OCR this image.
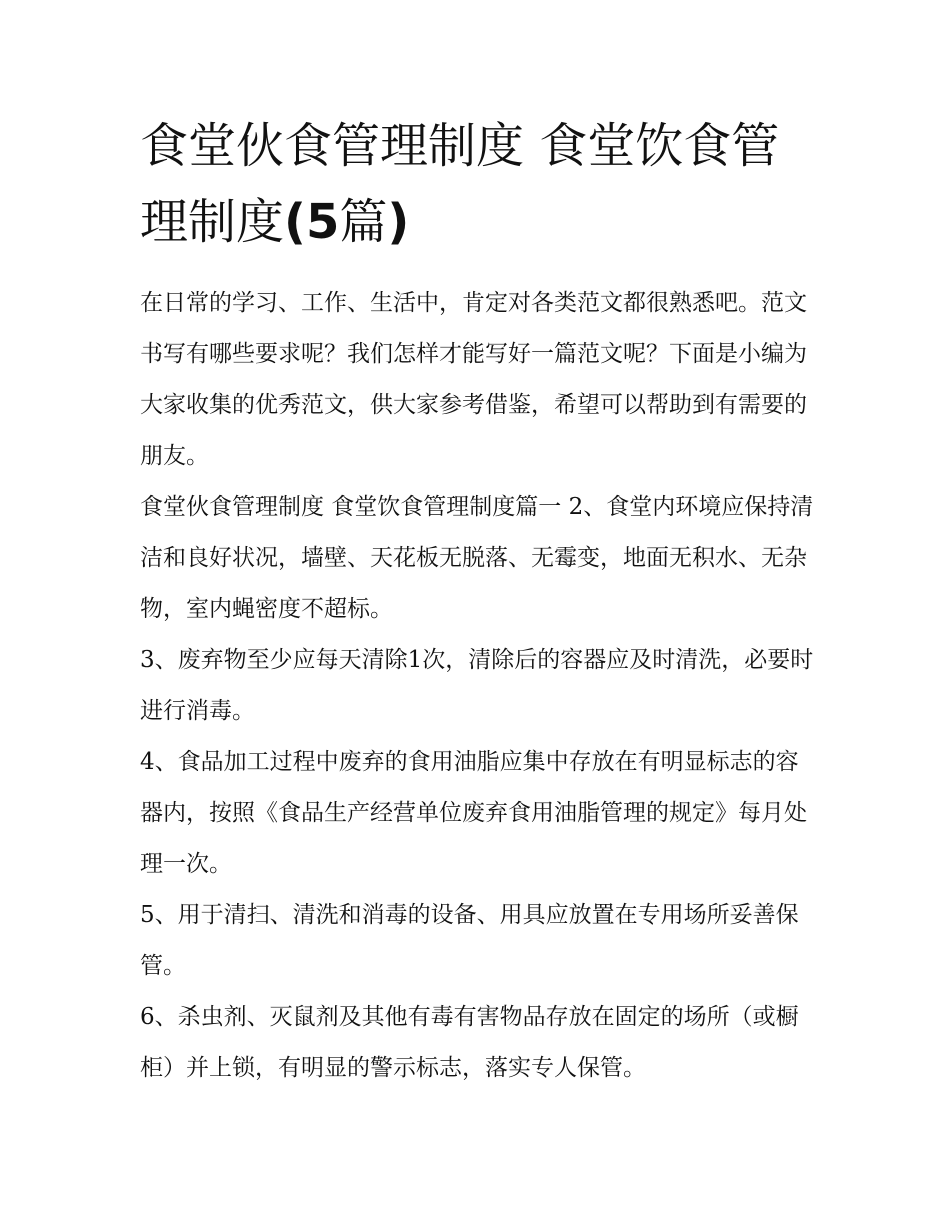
食堂伙食管理制度 食堂饮食管理制度(5篇)

在日常的学习、工作、生活中，肯定对各类范文都很熟悉吧。范文书写有哪些要求呢？我们怎样才能写好一篇范文呢？下面是小编为大家收集的优秀范文，供大家参考借鉴，希望可以帮助到有需要的朋友。

食堂伙食管理制度 食堂饮食管理制度篇一 2、食堂内环境应保持清洁和良好状况，墙壁、天花板无脱落、无霉变，地面无积水、无杂物，室内蝇密度不超标。

3、废弃物至少应每天清除1次，清除后的容器应及时清洗，必要时进行消毒。

4、食品加工过程中废弃的食用油脂应集中存放在有明显标志的容器内，按照《食品生产经营单位废弃食用油脂管理的规定》每月处理一次。

5、用于清扫、清洗和消毒的设备、用具应放置在专用场所妥善保管。

6、杀虫剂、灭鼠剂及其他有毒有害物品存放在固定的场所（或橱柜）并上锁，有明显的警示标志，落实专人保管。
